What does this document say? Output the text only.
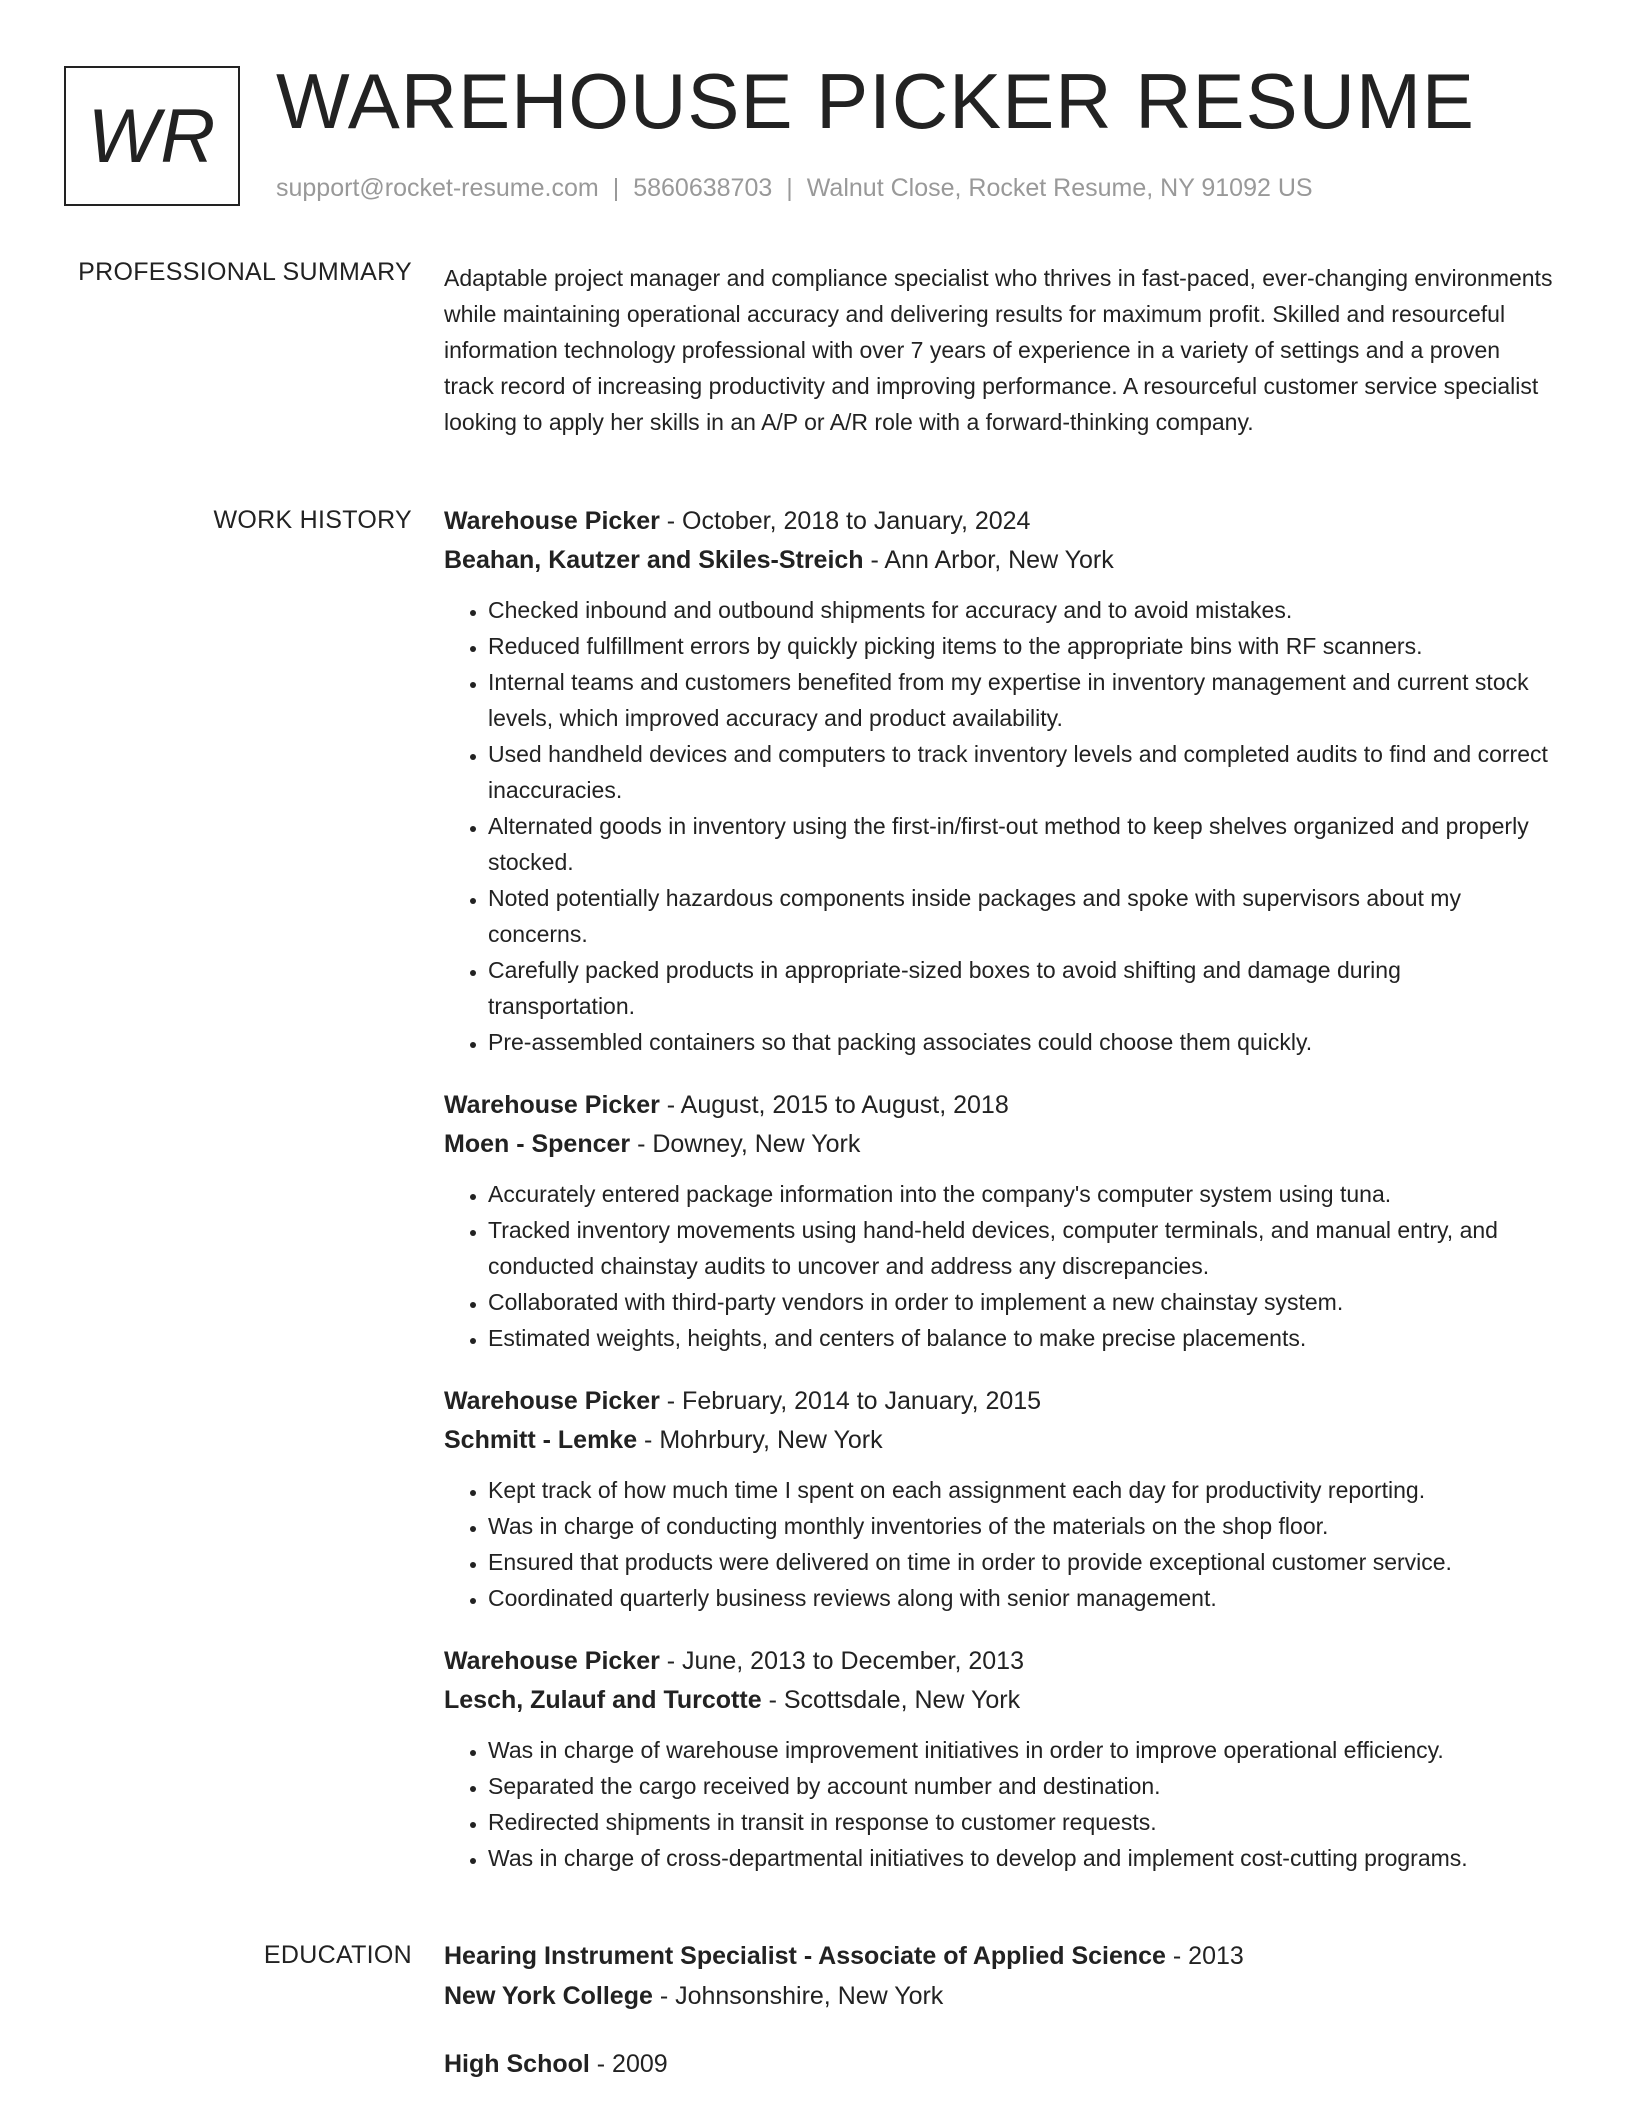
WR WAREHOUSE PICKER RESUME
support@rocket-resume.com | 5860638703 | Walnut Close, Rocket Resume, NY 91092 US
PROFESSIONAL SUMMARY Adaptable project manager and compliance specialist who thrives in fast-paced, ever-changing environments while maintaining operational accuracy and delivering results for maximum profit. Skilled and resourceful information technology professional with over 7 years of experience in a variety of settings and a proven track record of increasing productivity and improving performance. A resourceful customer service specialist looking to apply her skills in an A/P or A/R role with a forward-thinking company.

WORK HISTORY Warehouse Picker - October, 2018 to January, 2024
Beahan, Kautzer and Skiles-Streich - Ann Arbor, New York
• Checked inbound and outbound shipments for accuracy and to avoid mistakes.
• Reduced fulfillment errors by quickly picking items to the appropriate bins with RF scanners.
• Internal teams and customers benefited from my expertise in inventory management and current stock levels, which improved accuracy and product availability.
• Used handheld devices and computers to track inventory levels and completed audits to find and correct inaccuracies.
• Alternated goods in inventory using the first-in/first-out method to keep shelves organized and properly stocked.
• Noted potentially hazardous components inside packages and spoke with supervisors about my concerns.
• Carefully packed products in appropriate-sized boxes to avoid shifting and damage during transportation.
• Pre-assembled containers so that packing associates could choose them quickly.
Warehouse Picker - August, 2015 to August, 2018
Moen - Spencer - Downey, New York
• Accurately entered package information into the company's computer system using tuna.
• Tracked inventory movements using hand-held devices, computer terminals, and manual entry, and conducted chainstay audits to uncover and address any discrepancies.
• Collaborated with third-party vendors in order to implement a new chainstay system.
• Estimated weights, heights, and centers of balance to make precise placements.
Warehouse Picker - February, 2014 to January, 2015
Schmitt - Lemke - Mohrbury, New York
• Kept track of how much time I spent on each assignment each day for productivity reporting.
• Was in charge of conducting monthly inventories of the materials on the shop floor.
• Ensured that products were delivered on time in order to provide exceptional customer service.
• Coordinated quarterly business reviews along with senior management.
Warehouse Picker - June, 2013 to December, 2013
Lesch, Zulauf and Turcotte - Scottsdale, New York
• Was in charge of warehouse improvement initiatives in order to improve operational efficiency.
• Separated the cargo received by account number and destination.
• Redirected shipments in transit in response to customer requests.
• Was in charge of cross-departmental initiatives to develop and implement cost-cutting programs.
EDUCATION Hearing Instrument Specialist - Associate of Applied Science - 2013
New York College - Johnsonshire, New York
High School - 2009
